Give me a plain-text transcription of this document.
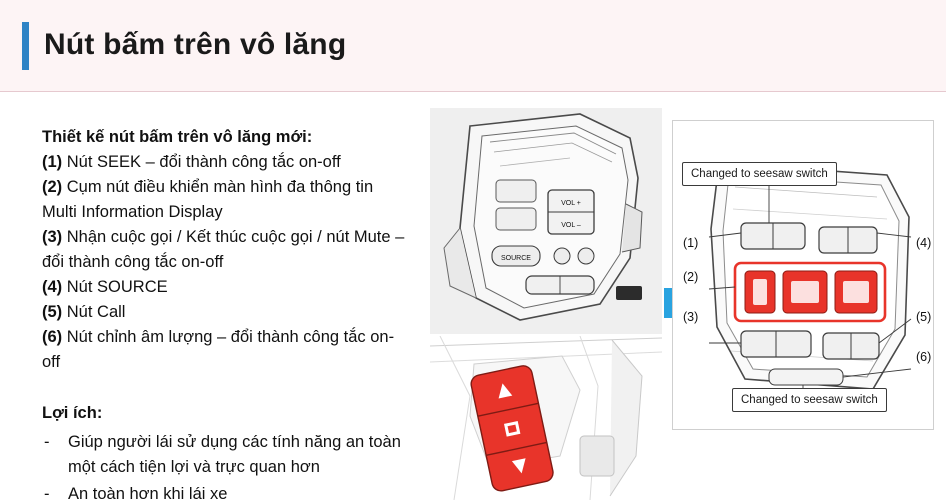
Nút bấm trên vô lăng
Thiết kế nút bấm trên vô lăng mới:
(1) Nút SEEK – đổi thành công tắc on-off
(2) Cụm nút điều khiển màn hình đa thông tin Multi Information Display
(3) Nhận cuộc gọi / Kết thúc cuộc gọi / nút Mute – đổi thành công tắc on-off
(4) Nút SOURCE
(5) Nút Call
(6) Nút chỉnh âm lượng – đổi thành công tắc on-off
Lợi ích:
- Giúp người lái sử dụng các tính năng an toàn một cách tiện lợi và trực quan hơn
- An toàn hơn khi lái xe
VOL +
VOL –
SOURCE
Changed to seesaw switch
Changed to seesaw switch
(1)
(2)
(3)
(4)
(5)
(6)
